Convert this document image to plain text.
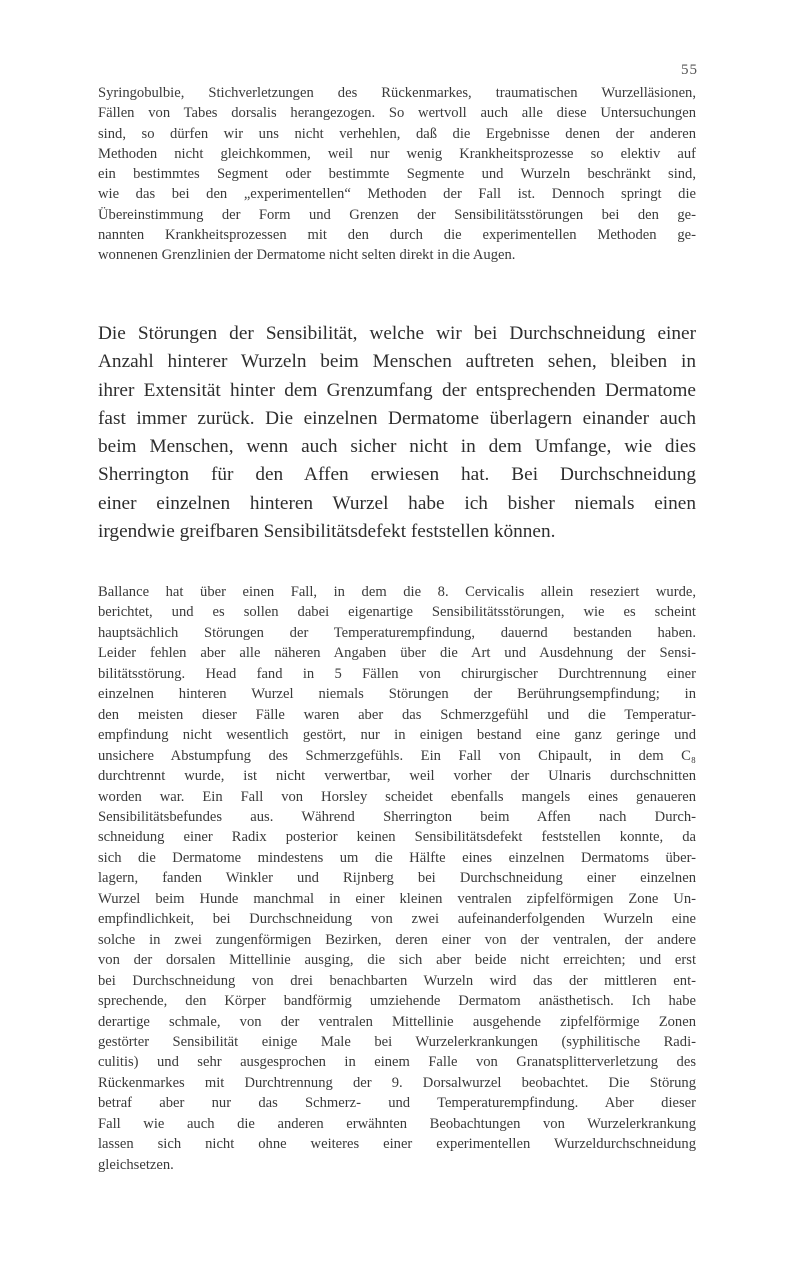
55
Syringobulbie, Stichverletzungen des Rückenmarkes, traumatischen Wurzelläsionen,
Fällen von Tabes dorsalis herangezogen. So wertvoll auch alle diese Untersuchungen
sind, so dürfen wir uns nicht verhehlen, daß die Ergebnisse denen der anderen
Methoden nicht gleichkommen, weil nur wenig Krankheitsprozesse so elektiv auf
ein bestimmtes Segment oder bestimmte Segmente und Wurzeln beschränkt sind,
wie das bei den „experimentellen“ Methoden der Fall ist. Dennoch springt die
Übereinstimmung der Form und Grenzen der Sensibilitätsstörungen bei den ge-
nannten Krankheitsprozessen mit den durch die experimentellen Methoden ge-
wonnenen Grenzlinien der Dermatome nicht selten direkt in die Augen.
Die Störungen der Sensibilität, welche wir bei Durchschneidung einer
Anzahl hinterer Wurzeln beim Menschen auftreten sehen, bleiben in
ihrer Extensität hinter dem Grenzumfang der entsprechenden Dermatome
fast immer zurück. Die einzelnen Dermatome überlagern einander auch
beim Menschen, wenn auch sicher nicht in dem Umfange, wie dies
Sherrington für den Affen erwiesen hat. Bei Durchschneidung
einer einzelnen hinteren Wurzel habe ich bisher niemals einen
irgendwie greifbaren Sensibilitätsdefekt feststellen können.
Ballance hat über einen Fall, in dem die 8. Cervicalis allein reseziert wurde,
berichtet, und es sollen dabei eigenartige Sensibilitätsstörungen, wie es scheint
hauptsächlich Störungen der Temperaturempfindung, dauernd bestanden haben.
Leider fehlen aber alle näheren Angaben über die Art und Ausdehnung der Sensi-
bilitätsstörung. Head fand in 5 Fällen von chirurgischer Durchtrennung einer
einzelnen hinteren Wurzel niemals Störungen der Berührungsempfindung; in
den meisten dieser Fälle waren aber das Schmerzgefühl und die Temperatur-
empfindung nicht wesentlich gestört, nur in einigen bestand eine ganz geringe und
unsichere Abstumpfung des Schmerzgefühls. Ein Fall von Chipault, in dem C₈
durchtrennt wurde, ist nicht verwertbar, weil vorher der Ulnaris durchschnitten
worden war. Ein Fall von Horsley scheidet ebenfalls mangels eines genaueren
Sensibilitätsbefundes aus. Während Sherrington beim Affen nach Durch-
schneidung einer Radix posterior keinen Sensibilitätsdefekt feststellen konnte, da
sich die Dermatome mindestens um die Hälfte eines einzelnen Dermatoms über-
lagern, fanden Winkler und Rijnberg bei Durchschneidung einer einzelnen
Wurzel beim Hunde manchmal in einer kleinen ventralen zipfelförmigen Zone Un-
empfindlichkeit, bei Durchschneidung von zwei aufeinanderfolgenden Wurzeln eine
solche in zwei zungenförmigen Bezirken, deren einer von der ventralen, der andere
von der dorsalen Mittellinie ausging, die sich aber beide nicht erreichten; und erst
bei Durchschneidung von drei benachbarten Wurzeln wird das der mittleren ent-
sprechende, den Körper bandförmig umziehende Dermatom anästhetisch. Ich habe
derartige schmale, von der ventralen Mittellinie ausgehende zipfelförmige Zonen
gestörter Sensibilität einige Male bei Wurzelerkrankungen (syphilitische Radi-
culitis) und sehr ausgesprochen in einem Falle von Granatsplitterverletzung des
Rückenmarkes mit Durchtrennung der 9. Dorsalwurzel beobachtet. Die Störung
betraf aber nur das Schmerz- und Temperaturempfindung. Aber dieser
Fall wie auch die anderen erwähnten Beobachtungen von Wurzelerkrankung
lassen sich nicht ohne weiteres einer experimentellen Wurzeldurchschneidung
gleichsetzen.
